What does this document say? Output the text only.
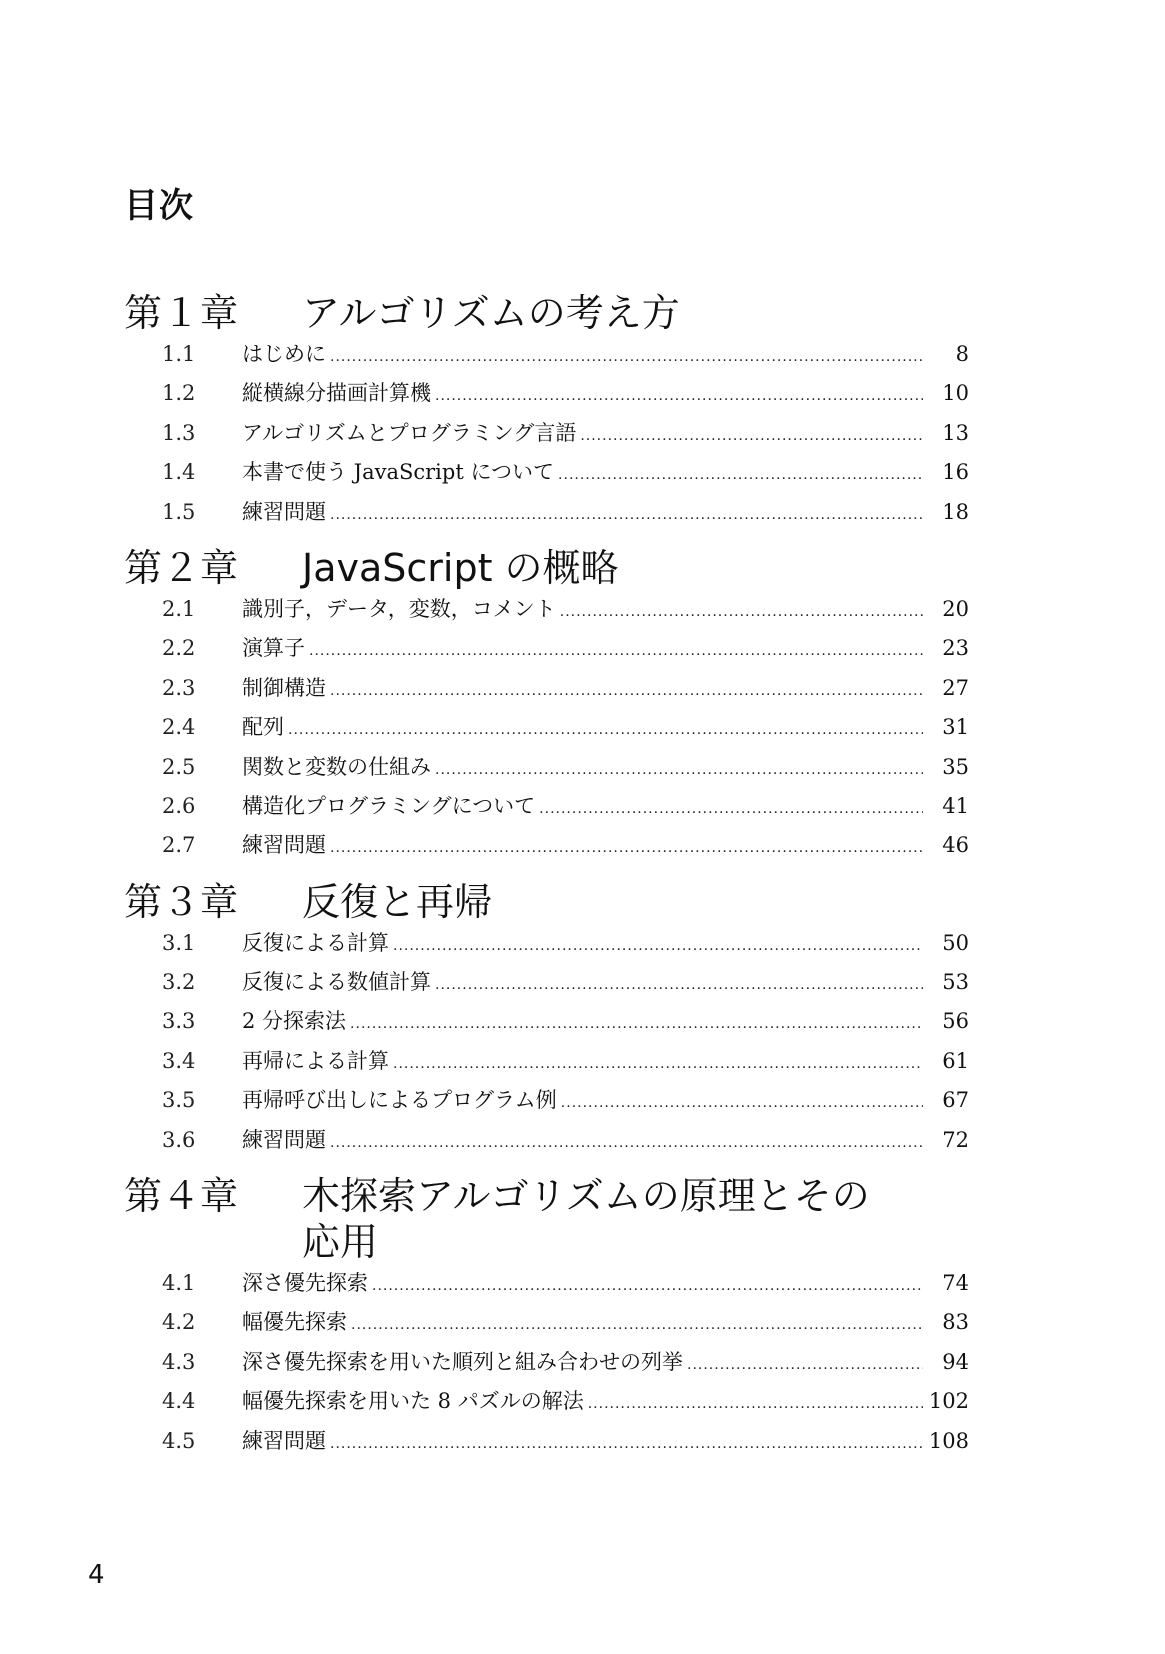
目次
第１章	アルゴリズムの考え方
1.1	はじめに .....	8
1.2	縦横線分描画計算機 .....	10
1.3	アルゴリズムとプログラミング言語 .....	13
1.4	本書で使う JavaScript について .....	16
1.5	練習問題 .....	18
第２章	JavaScript の概略
2.1	識別子，データ，変数，コメント .....	20
2.2	演算子 .....	23
2.3	制御構造 .....	27
2.4	配列 .....	31
2.5	関数と変数の仕組み .....	35
2.6	構造化プログラミングについて .....	41
2.7	練習問題 .....	46
第３章	反復と再帰
3.1	反復による計算 .....	50
3.2	反復による数値計算 .....	53
3.3	2 分探索法 .....	56
3.4	再帰による計算 .....	61
3.5	再帰呼び出しによるプログラム例 .....	67
3.6	練習問題 .....	72
第４章	木探索アルゴリズムの原理とその応用
4.1	深さ優先探索 .....	74
4.2	幅優先探索 .....	83
4.3	深さ優先探索を用いた順列と組み合わせの列挙 .....	94
4.4	幅優先探索を用いた 8 パズルの解法 .....	102
4.5	練習問題 .....	108
4
